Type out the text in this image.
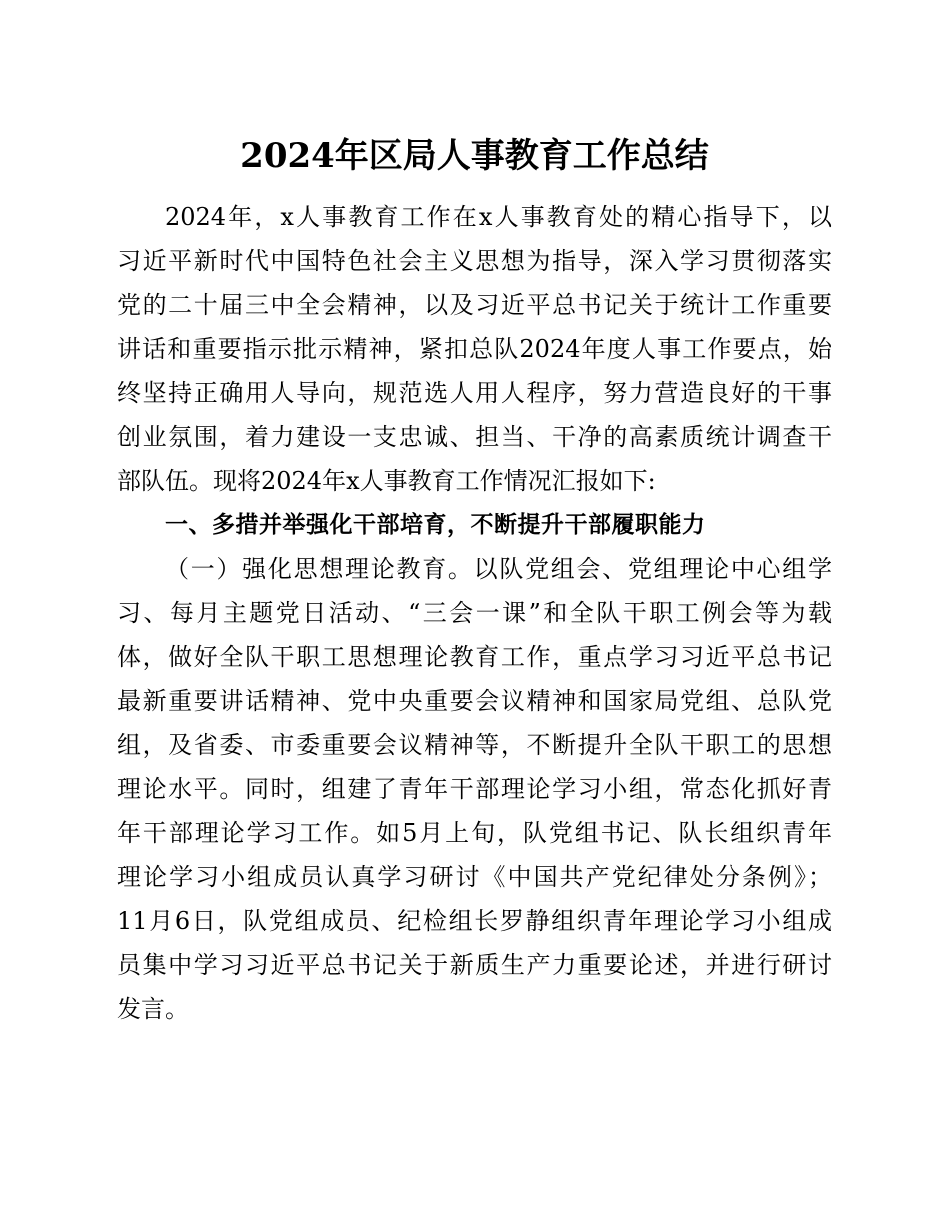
2024年区局人事教育工作总结
2024年，x人事教育工作在x人事教育处的精心指导下，以
习近平新时代中国特色社会主义思想为指导，深入学习贯彻落实
党的二十届三中全会精神，以及习近平总书记关于统计工作重要
讲话和重要指示批示精神，紧扣总队2024年度人事工作要点，始
终坚持正确用人导向，规范选人用人程序，努力营造良好的干事
创业氛围，着力建设一支忠诚、担当、干净的高素质统计调查干
部队伍。现将2024年x人事教育工作情况汇报如下:
一、多措并举强化干部培育，不断提升干部履职能力
（一）强化思想理论教育。以队党组会、党组理论中心组学
习、每月主题党日活动、“三会一课”和全队干职工例会等为载
体，做好全队干职工思想理论教育工作，重点学习习近平总书记
最新重要讲话精神、党中央重要会议精神和国家局党组、总队党
组，及省委、市委重要会议精神等，不断提升全队干职工的思想
理论水平。同时，组建了青年干部理论学习小组，常态化抓好青
年干部理论学习工作。如5月上旬，队党组书记、队长组织青年
理论学习小组成员认真学习研讨《中国共产党纪律处分条例》；
11月6日，队党组成员、纪检组长罗静组织青年理论学习小组成
员集中学习习近平总书记关于新质生产力重要论述，并进行研讨
发言。
